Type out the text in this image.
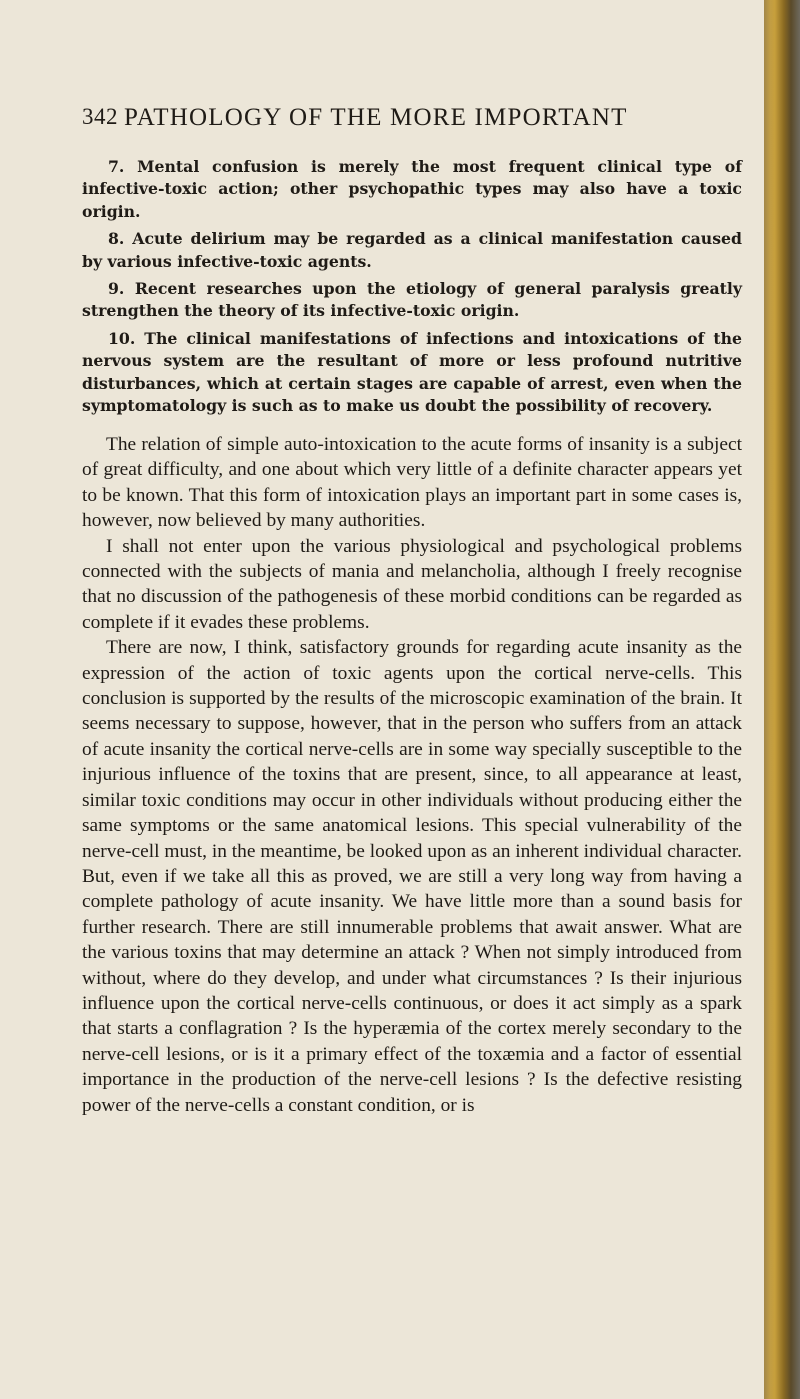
342 PATHOLOGY OF THE MORE IMPORTANT

7. Mental confusion is merely the most frequent clinical type of infective-toxic action; other psychopathic types may also have a toxic origin.

8. Acute delirium may be regarded as a clinical manifestation caused by various infective-toxic agents.

9. Recent researches upon the etiology of general paralysis greatly strengthen the theory of its infective-toxic origin.

10. The clinical manifestations of infections and intoxications of the nervous system are the resultant of more or less profound nutritive disturbances, which at certain stages are capable of arrest, even when the symptomatology is such as to make us doubt the possibility of recovery.

The relation of simple auto-intoxication to the acute forms of insanity is a subject of great difficulty, and one about which very little of a definite character appears yet to be known. That this form of intoxication plays an important part in some cases is, however, now believed by many authorities.

I shall not enter upon the various physiological and psychological problems connected with the subjects of mania and melancholia, although I freely recognise that no discussion of the pathogenesis of these morbid conditions can be regarded as complete if it evades these problems.

There are now, I think, satisfactory grounds for regarding acute insanity as the expression of the action of toxic agents upon the cortical nerve-cells. This conclusion is supported by the results of the microscopic examination of the brain. It seems necessary to suppose, however, that in the person who suffers from an attack of acute insanity the cortical nerve-cells are in some way specially susceptible to the injurious influence of the toxins that are present, since, to all appearance at least, similar toxic conditions may occur in other individuals without producing either the same symptoms or the same anatomical lesions. This special vulnerability of the nerve-cell must, in the meantime, be looked upon as an inherent individual character. But, even if we take all this as proved, we are still a very long way from having a complete pathology of acute insanity. We have little more than a sound basis for further research. There are still innumerable problems that await answer. What are the various toxins that may determine an attack ? When not simply introduced from without, where do they develop, and under what circumstances ? Is their injurious influence upon the cortical nerve-cells continuous, or does it act simply as a spark that starts a conflagration ? Is the hyperæmia of the cortex merely secondary to the nerve-cell lesions, or is it a primary effect of the toxæmia and a factor of essential importance in the production of the nerve-cell lesions ? Is the defective resisting power of the nerve-cells a constant condition, or is
